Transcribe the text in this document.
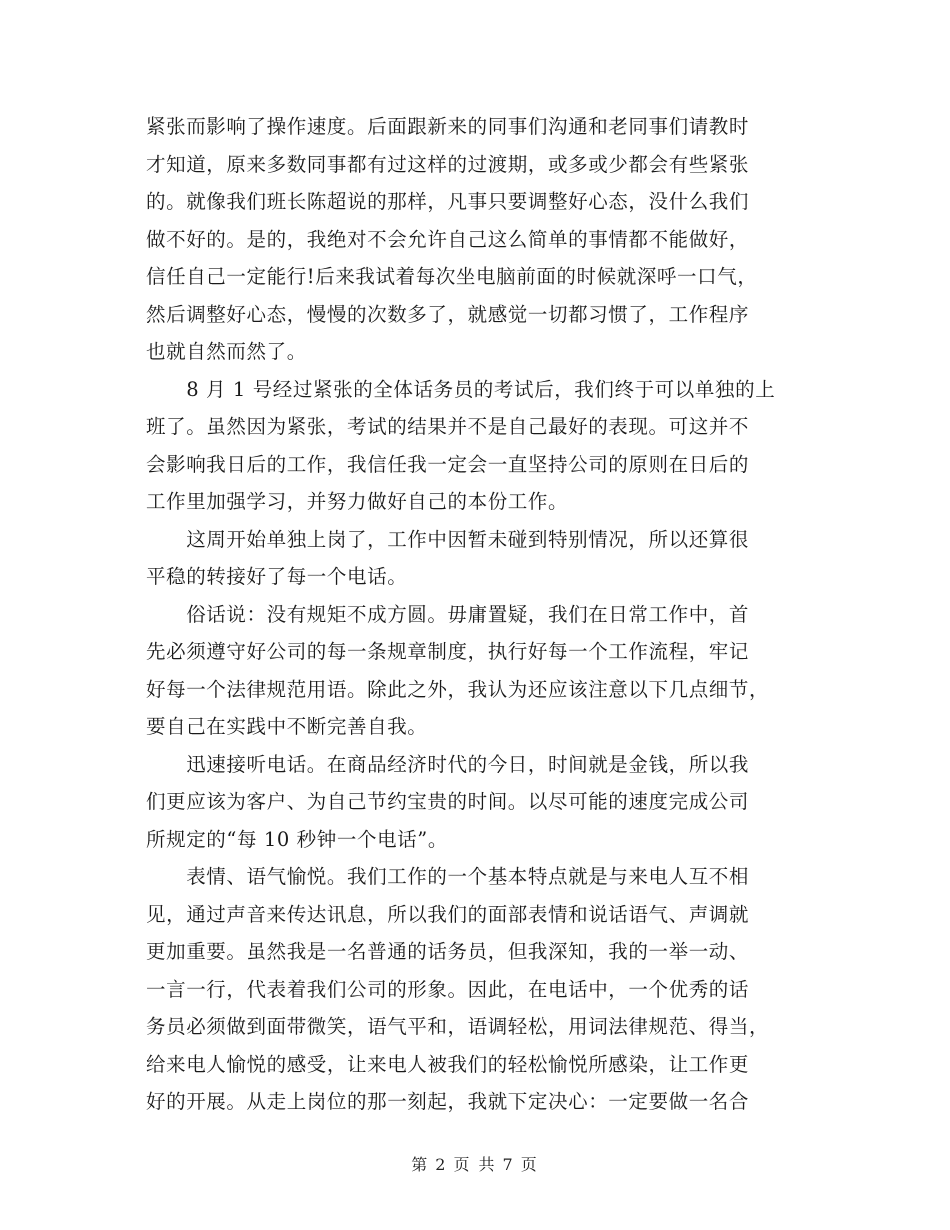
紧张而影响了操作速度。后面跟新来的同事们沟通和老同事们请教时
才知道，原来多数同事都有过这样的过渡期，或多或少都会有些紧张
的。就像我们班长陈超说的那样，凡事只要调整好心态，没什么我们
做不好的。是的，我绝对不会允许自己这么简单的事情都不能做好，
信任自己一定能行!后来我试着每次坐电脑前面的时候就深呼一口气，
然后调整好心态，慢慢的次数多了，就感觉一切都习惯了，工作程序
也就自然而然了。
　　8 月 1 号经过紧张的全体话务员的考试后，我们终于可以单独的上
班了。虽然因为紧张，考试的结果并不是自己最好的表现。可这并不
会影响我日后的工作，我信任我一定会一直坚持公司的原则在日后的
工作里加强学习，并努力做好自己的本份工作。
　　这周开始单独上岗了，工作中因暂未碰到特别情况，所以还算很
平稳的转接好了每一个电话。
　　俗话说：没有规矩不成方圆。毋庸置疑，我们在日常工作中，首
先必须遵守好公司的每一条规章制度，执行好每一个工作流程，牢记
好每一个法律规范用语。除此之外，我认为还应该注意以下几点细节，
要自己在实践中不断完善自我。
　　迅速接听电话。在商品经济时代的今日，时间就是金钱，所以我
们更应该为客户、为自己节约宝贵的时间。以尽可能的速度完成公司
所规定的“每 10 秒钟一个电话”。
　　表情、语气愉悦。我们工作的一个基本特点就是与来电人互不相
见，通过声音来传达讯息，所以我们的面部表情和说话语气、声调就
更加重要。虽然我是一名普通的话务员，但我深知，我的一举一动、
一言一行，代表着我们公司的形象。因此，在电话中，一个优秀的话
务员必须做到面带微笑，语气平和，语调轻松，用词法律规范、得当，
给来电人愉悦的感受，让来电人被我们的轻松愉悦所感染，让工作更
好的开展。从走上岗位的那一刻起，我就下定决心：一定要做一名合
第 2 页 共 7 页
